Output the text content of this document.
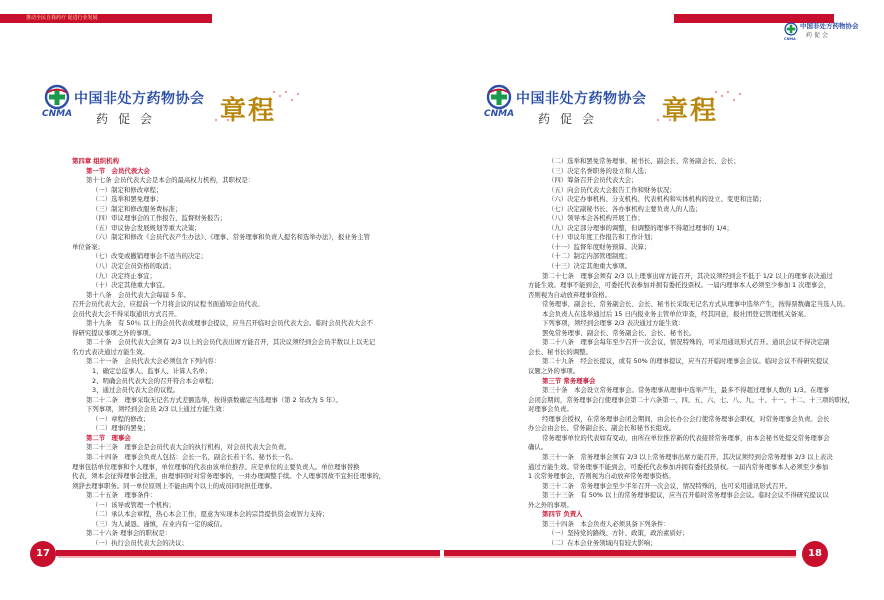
推动全民自我药疗 促进行业发展
CNMA
中国非处方药物协会
药促会 章程
第四章 组织机构
第一节　会员代表大会
第十七条 会员代表大会是本会的最高权力机构，其职权是：
（一）制定和修改章程；
（二）选举和罢免理事；
（三）制定和修改服务费标准；
（四）审议理事会的工作报告，监督财务报告；
（五）审议协会发展规划等重大决策；
（六）制定和修改《会员代表产生办法》、《理事、常务理事和负责人提名和选举办法》，报业务主管
单位备案；
（七）改变或撤销理事会不适当的决定；
（八）决定会员资格的取消；
（九）决定终止事宜；
（十）决定其他重大事宜。
第十八条　会员代表大会每届 5 年。
召开会员代表大会，应提前一个月将会议的议程书面通知会员代表。
会员代表大会不得采取通讯方式召开。
第十九条　有 50％ 以上的会员代表或理事会提议，应当召开临时会员代表大会。临时会员代表大会不
得研究提议事项之外的事项。
第二十条　会员代表大会须有 2/3 以上的会员代表出席方能召开，其决议须经到会会员半数以上以无记
名方式表决通过方能生效。
第二十一条　会员代表大会必须包含下列内容：
1、确定总监事人、监事人、计算人名单；
2、明确会员代表大会的召开符合本会章程；
3、通过会员代表大会的议程。
第二十二条　理事采取无记名方式差额选举，按得票数确定当选理事（第 2 年改为 5 年）。
下列事项，须经到会会员 2/3 以上通过方能生效：
（一）章程的修改；
（二）理事的罢免；
第二节　理事会
第二十三条　理事会是会员代表大会的执行机构，对会员代表大会负责。
第二十四条　理事会负责人包括：会长一名、副会长若干名、秘书长一名。
理事包括单位理事和个人理事，单位理事的代表由该单位推荐。应是单位的主要负责人。单位理事替换
代表，须本会征得理事会批准，由理事同时对常务理事的，一并办理调整手续。个人理事因故不宜担任理事的，
须辞去理事职务。同一单位原则上不能由两个以上的成员同时担任理事。
第二十五条　理事条件：
（一）该导或管理一个机构；
（二）承认本会章程，热心本会工作，愿意为实现本会的宗旨提供资金或智力支持；
（三）为人诚恳、谨慎，在业内有一定的威信。
第二十六条 理事会的职权是：
（一）执行会员代表大会的决议；
17
中国非处方药物协会
药促会
CNMA
CNMA
中国非处方药物协会
药促会 章程
（二）选举和罢免常务理事、秘书长、副会长、常务副会长、会长；
（三）决定名誉职务的设立和人选；
（四）筹备召开会员代表大会；
（五）向会员代表大会报告工作和财务状况；
（六）决定办事机构、分支机构、代表机构和实体机构的设立、变更和注销；
（七）决定副秘书长、各办事机构主要负责人的人选；
（八）领导本会各机构开展工作；
（九）决定部分理事的调整，但调整的理事不得超过理事的 1/4；
（十）审议年度工作报告和工作计划；
（十一）监督年度财务预算、决算；
（十二）制定内部管理制度；
（十三）决定其他重大事项。
第二十七条　理事会须有 2/3 以上理事出席方能召开，其决议须经到会不低于 1/2 以上的理事表决通过
方能生效。理事不能到会，可委托代表参加并拥有委托投票权。一届内理事本人必须至少参加 1 次理事会，
否则视为自动放弃理事资格。
常务理事、副会长、常务副会长、会长、秘书长采取无记名方式从理事中选举产生，按得票数确定当选人员。
本会负责人在选举通过后 15 日内报业务主管单位审查，经其同意，报社团登记管理机关备案。
下列事项，须经到会理事 2/3 表决通过方能生效：
罢免常务理事、副会长、常务副会长、会长、秘书长。
第二十八条　理事会每年至少召开一次会议，情况特殊的，可采用通讯形式召开。通讯会议不得决定副
会长、秘书长的调整。
第二十九条　经会长提议，或有 50% 的理事提议，应当召开临时理事会会议。临时会议不得研究提议
议题之外的事项。
第三节 常务理事会
第三十条　本会设立常务理事会。常务理事从理事中选举产生，最多不得超过理事人数的 1/3。在理事
会闭会期间，常务理事会行使理事会第二十六条第一、四、五、六、七、八、九、十、十一、十二、十三项的职权，
对理事会负责。
经理事会授权，在常务理事会闭会期间，由会长办公会行使常务理事会职权，对常务理事会负责。会长
办公会由会长、常务副会长、副会长和秘书长组成。
常务理事单位的代表如有变动，由所在单位推荐新的代表接替常务理事，由本会秘书处提交常务理事会
确认。
第三十一条　常务理事会须有 2/3 以上常务理事出席方能召开，其决议须经到会常务理事 2/3 以上表决
通过方能生效。常务理事不能到会，可委托代表参加并拥有委托投票权。一届内常务理事本人必须至少参加
1 次常务理事会，否则视为自动放弃常务理事资格。
第三十二条　常务理事会至少半年召开一次会议，情况特殊的，也可采用通讯形式召开。
第三十三条　有 50% 以上的常务理事提议，应当召开临时常务理事会会议。临时会议不得研究提议以
外之外的事项。
第四节 负责人
第三十四条　本会负责人必须具备下列条件：
（一）坚持党的路线、方针、政策，政治素质好；
（二）在本会业务领域内有较大影响；
18
